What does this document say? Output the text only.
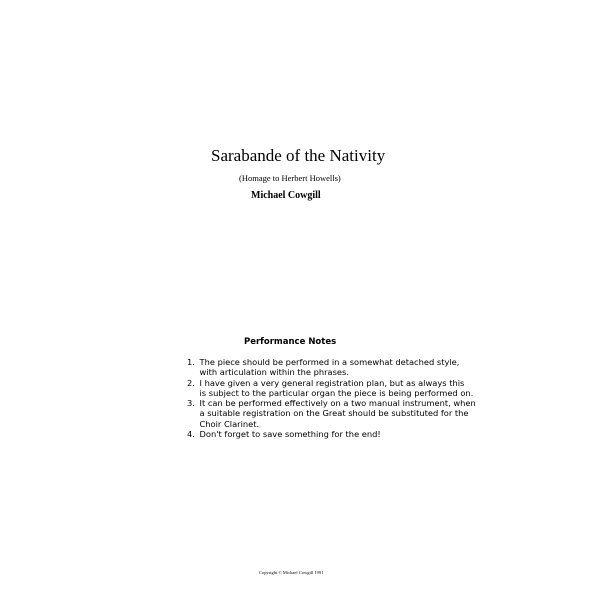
Sarabande of the Nativity
(Homage to Herbert Howells)
Michael Cowgill
Performance Notes
1. The piece should be performed in a somewhat detached style,
with articulation within the phrases.
2. I have given a very general registration plan, but as always this
is subject to the particular organ the piece is being performed on.
3. It can be performed effectively on a two manual instrument, when
a suitable registration on the Great should be substituted for the
Choir Clarinet.
4. Don't forget to save something for the end!
Copyright © Michael Cowgill 1991
